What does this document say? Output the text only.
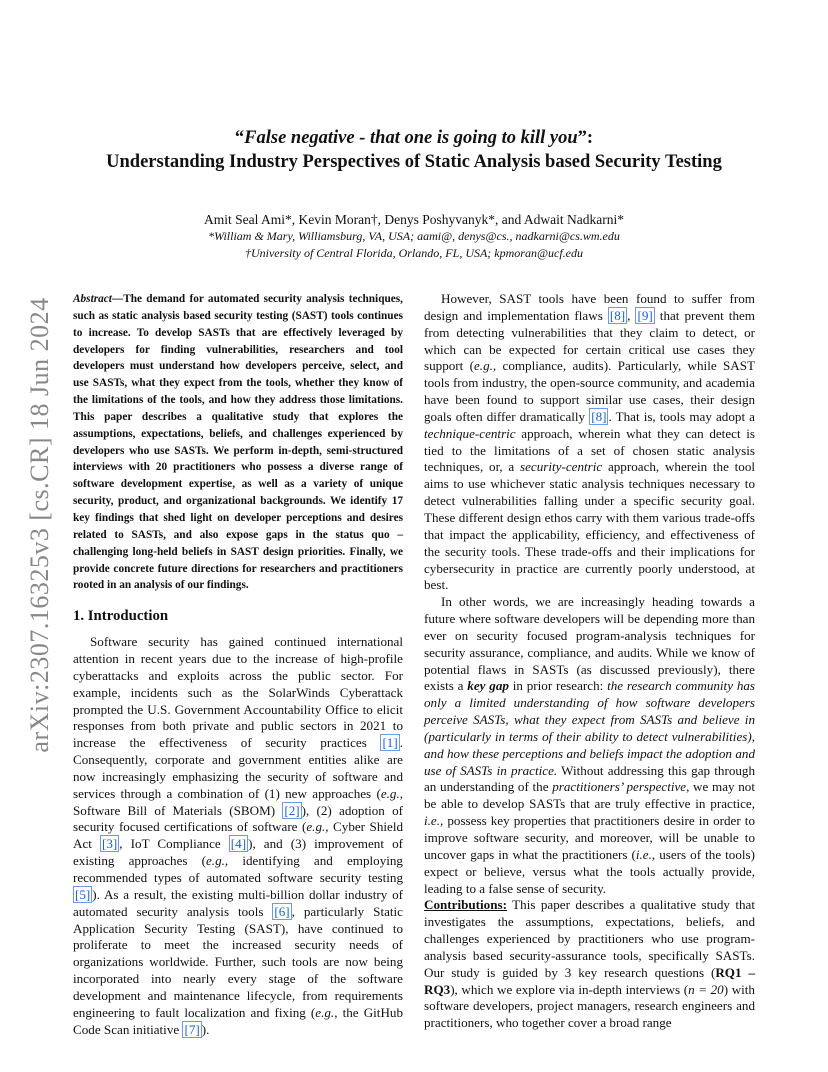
arXiv:2307.16325v3 [cs.CR] 18 Jun 2024
“False negative - that one is going to kill you”:
Understanding Industry Perspectives of Static Analysis based Security Testing
Amit Seal Ami*, Kevin Moran†, Denys Poshyvanyk*, and Adwait Nadkarni*
*William & Mary, Williamsburg, VA, USA; aami@, denys@cs., nadkarni@cs.wm.edu
†University of Central Florida, Orlando, FL, USA; kpmoran@ucf.edu
Abstract—The demand for automated security analysis techniques, such as static analysis based security testing (SAST) tools continues to increase. To develop SASTs that are effectively leveraged by developers for finding vulnerabilities, researchers and tool developers must understand how developers perceive, select, and use SASTs, what they expect from the tools, whether they know of the limitations of the tools, and how they address those limitations. This paper describes a qualitative study that explores the assumptions, expectations, beliefs, and challenges experienced by developers who use SASTs. We perform in-depth, semi-structured interviews with 20 practitioners who possess a diverse range of software development expertise, as well as a variety of unique security, product, and organizational backgrounds. We identify 17 key findings that shed light on developer perceptions and desires related to SASTs, and also expose gaps in the status quo – challenging long-held beliefs in SAST design priorities. Finally, we provide concrete future directions for researchers and practitioners rooted in an analysis of our findings.
1. Introduction

Software security has gained continued international attention in recent years due to the increase of high-profile cyberattacks and exploits across the public sector. For example, incidents such as the SolarWinds Cyberattack prompted the U.S. Government Accountability Office to elicit responses from both private and public sectors in 2021 to increase the effectiveness of security practices [1] . Consequently, corporate and government entities alike are now increasingly emphasizing the security of software and services through a combination of (1) new approaches (e.g., Software Bill of Materials (SBOM) [2] ), (2) adoption of security focused certifications of software (e.g., Cyber Shield Act [3] , IoT Compliance [4] ), and (3) improvement of existing approaches (e.g., identifying and employing recommended types of automated software security testing [5] ). As a result, the existing multi-billion dollar industry of automated security analysis tools [6] , particularly Static Application Security Testing (SAST), have continued to proliferate to meet the increased security needs of organizations worldwide. Further, such tools are now being incorporated into nearly every stage of the software development and maintenance lifecycle, from requirements engineering to fault localization and fixing (e.g., the GitHub Code Scan initiative [7] ).

However, SAST tools have been found to suffer from design and implementation flaws [8] , [9] that prevent them from detecting vulnerabilities that they claim to detect, or which can be expected for certain critical use cases they support (e.g., compliance, audits). Particularly, while SAST tools from industry, the open-source community, and academia have been found to support similar use cases, their design goals often differ dramatically [8] . That is, tools may adopt a technique-centric approach, wherein what they can detect is tied to the limitations of a set of chosen static analysis techniques, or, a security-centric approach, wherein the tool aims to use whichever static analysis techniques necessary to detect vulnerabilities falling under a specific security goal. These different design ethos carry with them various trade-offs that impact the applicability, efficiency, and effectiveness of the security tools. These trade-offs and their implications for cybersecurity in practice are currently poorly understood, at best.

In other words, we are increasingly heading towards a future where software developers will be depending more than ever on security focused program-analysis techniques for security assurance, compliance, and audits. While we know of potential flaws in SASTs (as discussed previously), there exists a key gap in prior research: the research community has only a limited understanding of how software developers perceive SASTs, what they expect from SASTs and believe in (particularly in terms of their ability to detect vulnerabilities), and how these perceptions and beliefs impact the adoption and use of SASTs in practice. Without addressing this gap through an understanding of the practitioners’ perspective, we may not be able to develop SASTs that are truly effective in practice, i.e., possess key properties that practitioners desire in order to improve software security, and moreover, will be unable to uncover gaps in what the practitioners (i.e., users of the tools) expect or believe, versus what the tools actually provide, leading to a false sense of security.

Contributions: This paper describes a qualitative study that investigates the assumptions, expectations, beliefs, and challenges experienced by practitioners who use program-analysis based security-assurance tools, specifically SASTs. Our study is guided by 3 key research questions (RQ1 – RQ3), which we explore via in-depth interviews (n = 20) with software developers, project managers, research engineers and practitioners, who together cover a broad range
